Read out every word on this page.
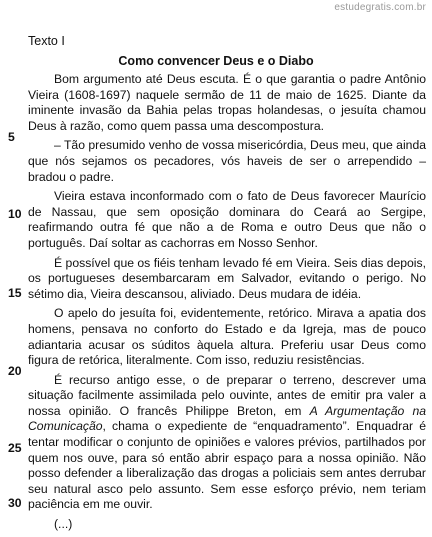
estudegratis.com.br
Texto I
Como convencer Deus e o Diabo
5
10
15
20
25
30

Bom argumento até Deus escuta. É o que garantia o padre Antônio Vieira (1608-1697) naquele sermão de 11 de maio de 1625. Diante da iminente invasão da Bahia pelas tropas holandesas, o jesuíta chamou Deus à razão, como quem passa uma descompostura.

– Tão presumido venho de vossa misericórdia, Deus meu, que ainda que nós sejamos os pecadores, vós haveis de ser o arrependido – bradou o padre.

Vieira estava inconformado com o fato de Deus favorecer Maurício de Nassau, que sem oposição dominara do Ceará ao Sergipe, reafirmando outra fé que não a de Roma e outro Deus que não o português. Daí soltar as cachorras em Nosso Senhor.

É possível que os fiéis tenham levado fé em Vieira. Seis dias depois, os portugueses desembarcaram em Salvador, evitando o perigo. No sétimo dia, Vieira descansou, aliviado. Deus mudara de idéia.

O apelo do jesuíta foi, evidentemente, retórico. Mirava a apatia dos homens, pensava no conforto do Estado e da Igreja, mas de pouco adiantaria acusar os súditos àquela altura. Preferiu usar Deus como figura de retórica, literalmente. Com isso, reduziu resistências.

É recurso antigo esse, o de preparar o terreno, descrever uma situação facilmente assimilada pelo ouvinte, antes de emitir pra valer a nossa opinião. O francês Philippe Breton, em A Argumentação na Comunicação, chama o expediente de “enquadramento”. Enquadrar é tentar modificar o conjunto de opiniões e valores prévios, partilhados por quem nos ouve, para só então abrir espaço para a nossa opinião. Não posso defender a liberalização das drogas a policiais sem antes derrubar seu natural asco pelo assunto. Sem esse esforço prévio, nem teriam paciência em me ouvir.

(...)
